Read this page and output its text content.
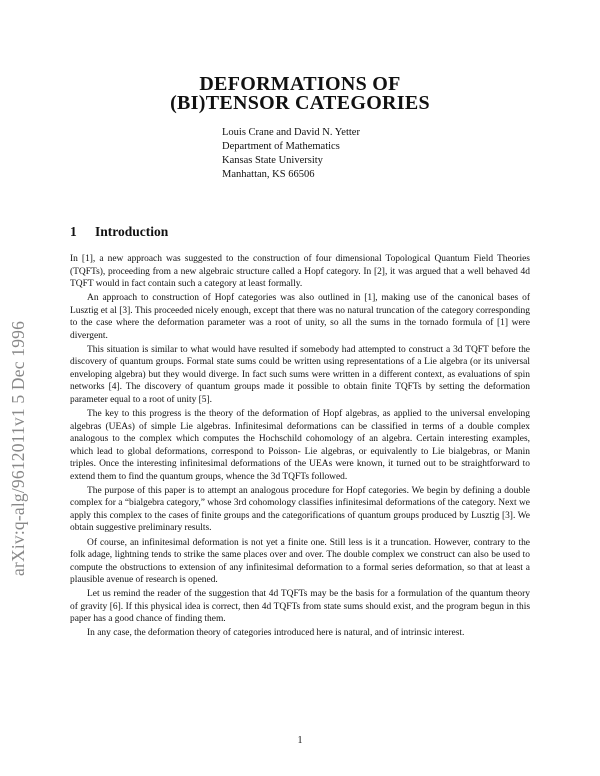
arXiv:q-alg/9612011v1 5 Dec 1996
DEFORMATIONS OF
(BI)TENSOR CATEGORIES
Louis Crane and David N. Yetter
Department of Mathematics
Kansas State University
Manhattan, KS 66506
1 Introduction

In [1], a new approach was suggested to the construction of four dimensional Topological Quantum Field Theories (TQFTs), proceeding from a new algebraic structure called a Hopf category. In [2], it was argued that a well behaved 4d TQFT would in fact contain such a category at least formally.

An approach to construction of Hopf categories was also outlined in [1], making use of the canonical bases of Lusztig et al [3]. This proceeded nicely enough, except that there was no natural truncation of the category corresponding to the case where the deformation parameter was a root of unity, so all the sums in the tornado formula of [1] were divergent.

This situation is similar to what would have resulted if somebody had attempted to construct a 3d TQFT before the discovery of quantum groups. Formal state sums could be written using representations of a Lie algebra (or its universal enveloping algebra) but they would diverge. In fact such sums were written in a different context, as evaluations of spin networks [4]. The discovery of quantum groups made it possible to obtain finite TQFTs by setting the deformation parameter equal to a root of unity [5].

The key to this progress is the theory of the deformation of Hopf algebras, as applied to the universal enveloping algebras (UEAs) of simple Lie algebras. Infinitesimal deformations can be classified in terms of a double complex analogous to the complex which computes the Hochschild cohomology of an algebra. Certain interesting examples, which lead to global deformations, correspond to Poisson- Lie algebras, or equivalently to Lie bialgebras, or Manin triples. Once the interesting infinitesimal deformations of the UEAs were known, it turned out to be straightforward to extend them to find the quantum groups, whence the 3d TQFTs followed.

The purpose of this paper is to attempt an analogous procedure for Hopf categories. We begin by defining a double complex for a “bialgebra category,” whose 3rd cohomology classifies infinitesimal deformations of the category. Next we apply this complex to the cases of finite groups and the categorifications of quantum groups produced by Lusztig [3]. We obtain suggestive preliminary results.

Of course, an infinitesimal deformation is not yet a finite one. Still less is it a truncation. However, contrary to the folk adage, lightning tends to strike the same places over and over. The double complex we construct can also be used to compute the obstructions to extension of any infinitesimal deformation to a formal series deformation, so that at least a plausible avenue of research is opened.

Let us remind the reader of the suggestion that 4d TQFTs may be the basis for a formulation of the quantum theory of gravity [6]. If this physical idea is correct, then 4d TQFTs from state sums should exist, and the program begun in this paper has a good chance of finding them.

In any case, the deformation theory of categories introduced here is natural, and of intrinsic interest.

1
